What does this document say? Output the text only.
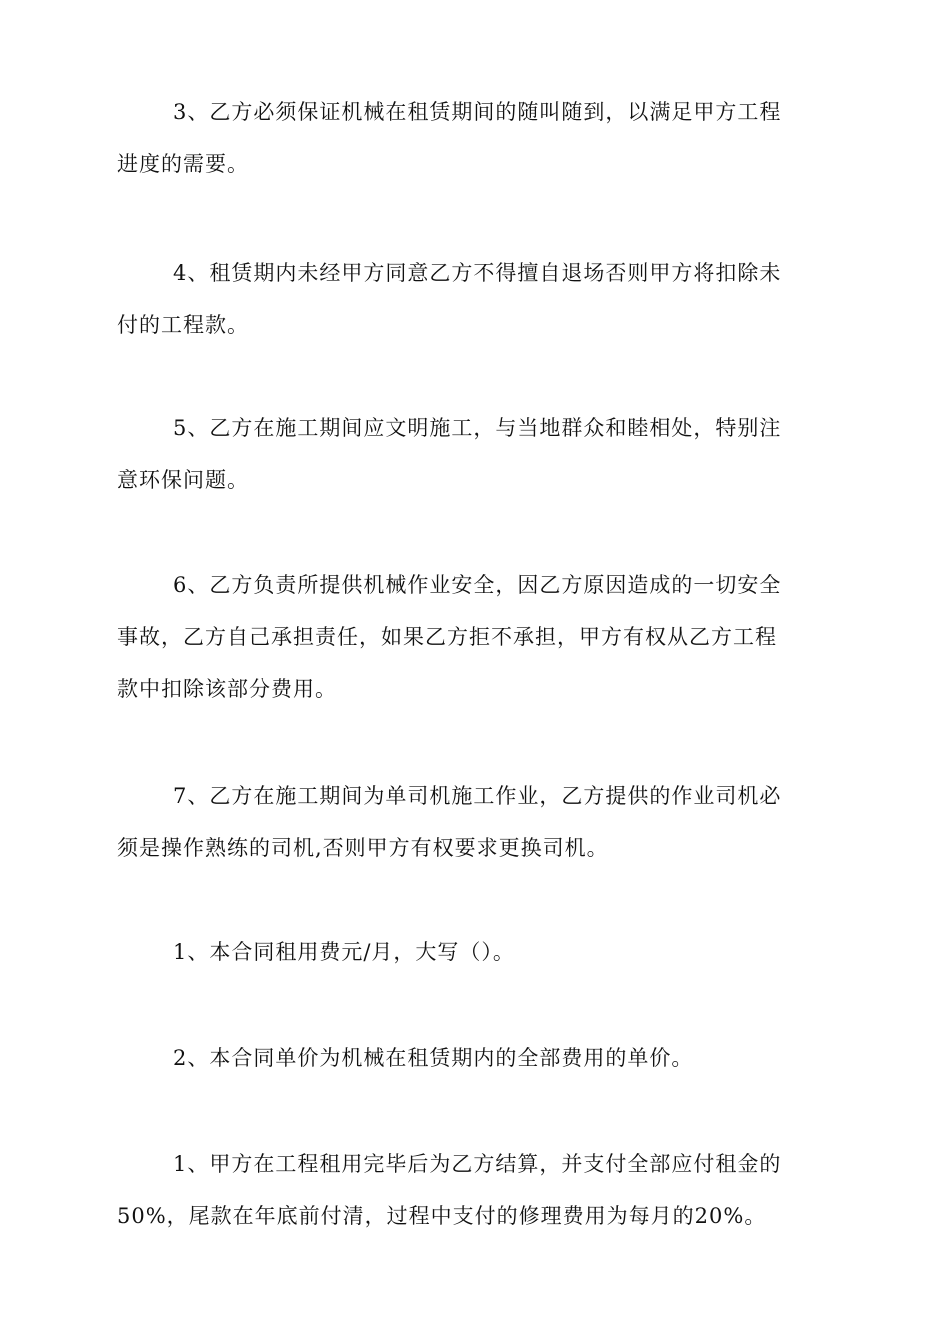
3、乙方必须保证机械在租赁期间的随叫随到，以满足甲方工程
进度的需要。
4、租赁期内未经甲方同意乙方不得擅自退场否则甲方将扣除未
付的工程款。
5、乙方在施工期间应文明施工，与当地群众和睦相处，特别注
意环保问题。
6、乙方负责所提供机械作业安全，因乙方原因造成的一切安全
事故，乙方自己承担责任，如果乙方拒不承担，甲方有权从乙方工程
款中扣除该部分费用。
7、乙方在施工期间为单司机施工作业，乙方提供的作业司机必
须是操作熟练的司机,否则甲方有权要求更换司机。
1、本合同租用费元/月，大写（）。
2、本合同单价为机械在租赁期内的全部费用的单价。
1、甲方在工程租用完毕后为乙方结算，并支付全部应付租金的
50%，尾款在年底前付清，过程中支付的修理费用为每月的20%。
